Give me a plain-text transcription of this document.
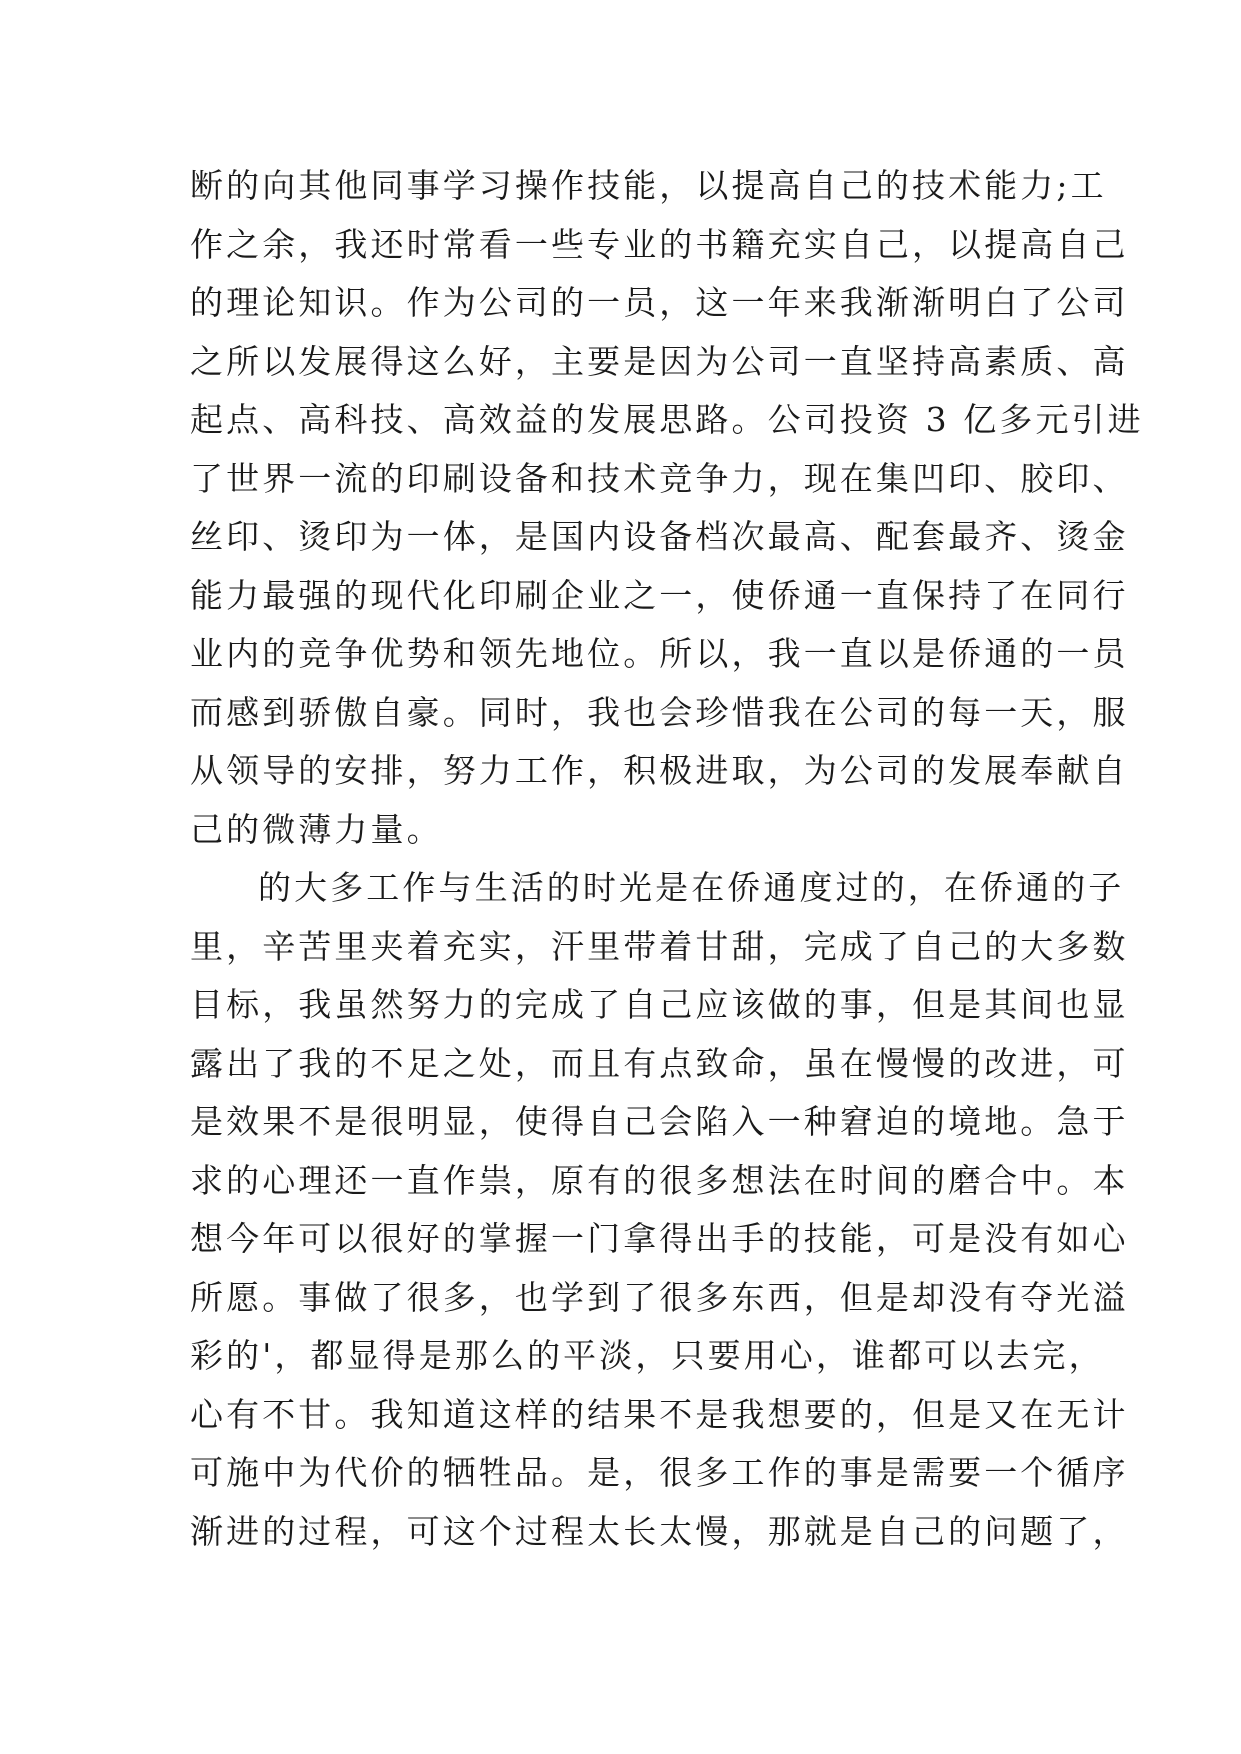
断的向其他同事学习操作技能，以提高自己的技术能力;工
作之余，我还时常看一些专业的书籍充实自己，以提高自己
的理论知识。作为公司的一员，这一年来我渐渐明白了公司
之所以发展得这么好，主要是因为公司一直坚持高素质、高
起点、高科技、高效益的发展思路。公司投资 3 亿多元引进
了世界一流的印刷设备和技术竞争力，现在集凹印、胶印、
丝印、烫印为一体，是国内设备档次最高、配套最齐、烫金
能力最强的现代化印刷企业之一，使侨通一直保持了在同行
业内的竞争优势和领先地位。所以，我一直以是侨通的一员
而感到骄傲自豪。同时，我也会珍惜我在公司的每一天，服
从领导的安排，努力工作，积极进取，为公司的发展奉献自
己的微薄力量。
的大多工作与生活的时光是在侨通度过的，在侨通的子
里，辛苦里夹着充实，汗里带着甘甜，完成了自己的大多数
目标，我虽然努力的完成了自己应该做的事，但是其间也显
露出了我的不足之处，而且有点致命，虽在慢慢的改进，可
是效果不是很明显，使得自己会陷入一种窘迫的境地。急于
求的心理还一直作祟，原有的很多想法在时间的磨合中。本
想今年可以很好的掌握一门拿得出手的技能，可是没有如心
所愿。事做了很多，也学到了很多东西，但是却没有夺光溢
彩的'，都显得是那么的平淡，只要用心，谁都可以去完，
心有不甘。我知道这样的结果不是我想要的，但是又在无计
可施中为代价的牺牲品。是，很多工作的事是需要一个循序
渐进的过程，可这个过程太长太慢，那就是自己的问题了，
